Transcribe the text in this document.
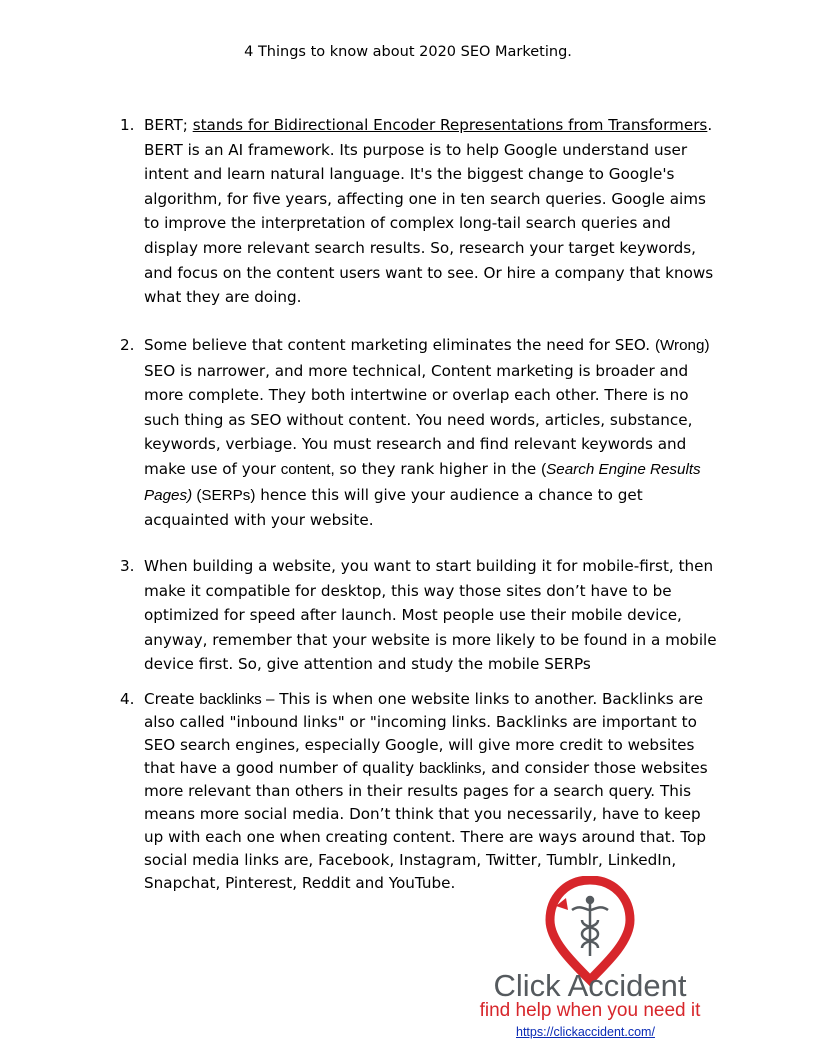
4 Things to know about 2020 SEO Marketing.
1. BERT; stands for Bidirectional Encoder Representations from Transformers. BERT is an AI framework. Its purpose is to help Google understand user intent and learn natural language. It's the biggest change to Google's algorithm, for five years, affecting one in ten search queries. Google aims to improve the interpretation of complex long-tail search queries and display more relevant search results. So, research your target keywords, and focus on the content users want to see. Or hire a company that knows what they are doing.
2. Some believe that content marketing eliminates the need for SEO. (Wrong) SEO is narrower, and more technical, Content marketing is broader and more complete. They both intertwine or overlap each other. There is no such thing as SEO without content. You need words, articles, substance, keywords, verbiage. You must research and find relevant keywords and make use of your content, so they rank higher in the (Search Engine Results Pages) (SERPs) hence this will give your audience a chance to get acquainted with your website.
3. When building a website, you want to start building it for mobile-first, then make it compatible for desktop, this way those sites don’t have to be optimized for speed after launch. Most people use their mobile device, anyway, remember that your website is more likely to be found in a mobile device first. So, give attention and study the mobile SERPs
4. Create backlinks – This is when one website links to another. Backlinks are also called "inbound links" or "incoming links. Backlinks are important to SEO search engines, especially Google, will give more credit to websites that have a good number of quality backlinks, and consider those websites more relevant than others in their results pages for a search query. This means more social media. Don’t think that you necessarily, have to keep up with each one when creating content. There are ways around that. Top social media links are, Facebook, Instagram, Twitter, Tumblr, LinkedIn, Snapchat, Pinterest, Reddit and YouTube.
Click Accident
find help when you need it
https://clickaccident.com/
